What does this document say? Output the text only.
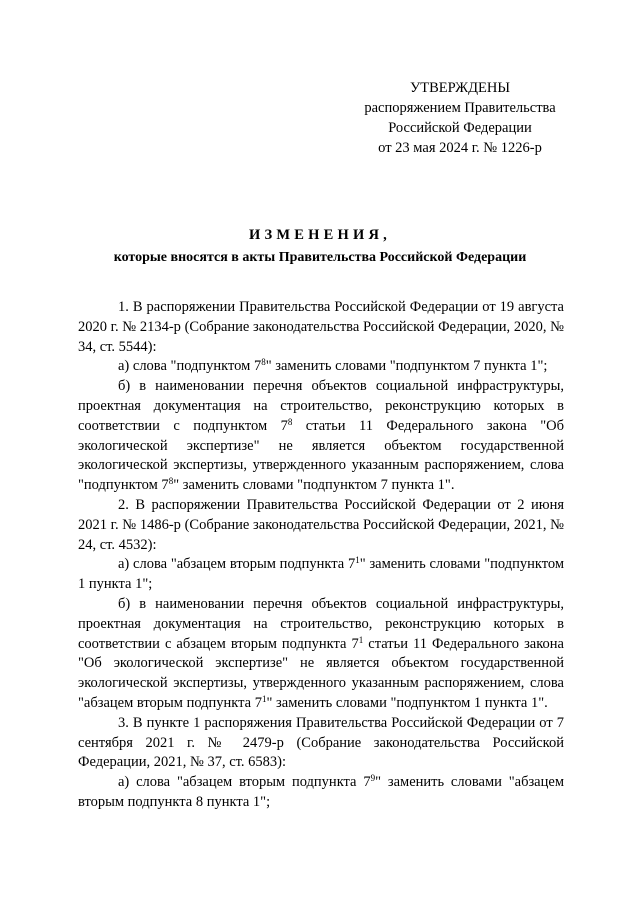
УТВЕРЖДЕНЫ
распоряжением Правительства
Российской Федерации
от 23 мая 2024 г. № 1226-р
ИЗМЕНЕНИЯ,
которые вносятся в акты Правительства Российской Федерации

1. В распоряжении Правительства Российской Федерации от 19 августа 2020 г. № 2134-р (Собрание законодательства Российской Федерации, 2020, № 34, ст. 5544):

а) слова "подпунктом $7^8$" заменить словами "подпунктом 7 пункта 1";

б) в наименовании перечня объектов социальной инфраструктуры, проектная документация на строительство, реконструкцию которых в соответствии с подпунктом $7^8$ статьи 11 Федерального закона "Об экологической экспертизе" не является объектом государственной экологической экспертизы, утвержденного указанным распоряжением, слова "подпунктом $7^8$" заменить словами "подпунктом 7 пункта 1".

2. В распоряжении Правительства Российской Федерации от 2 июня 2021 г. № 1486-р (Собрание законодательства Российской Федерации, 2021, № 24, ст. 4532):

а) слова "абзацем вторым подпункта $7^1$" заменить словами "подпунктом 1 пункта 1";

б) в наименовании перечня объектов социальной инфраструктуры, проектная документация на строительство, реконструкцию которых в соответствии с абзацем вторым подпункта $7^1$ статьи 11 Федерального закона "Об экологической экспертизе" не является объектом государственной экологической экспертизы, утвержденного указанным распоряжением, слова "абзацем вторым подпункта $7^1$" заменить словами "подпунктом 1 пункта 1".

3. В пункте 1 распоряжения Правительства Российской Федерации от 7 сентября 2021 г. № 2479-р (Собрание законодательства Российской Федерации, 2021, № 37, ст. 6583):

а) слова "абзацем вторым подпункта $7^9$" заменить словами "абзацем вторым подпункта 8 пункта 1";
